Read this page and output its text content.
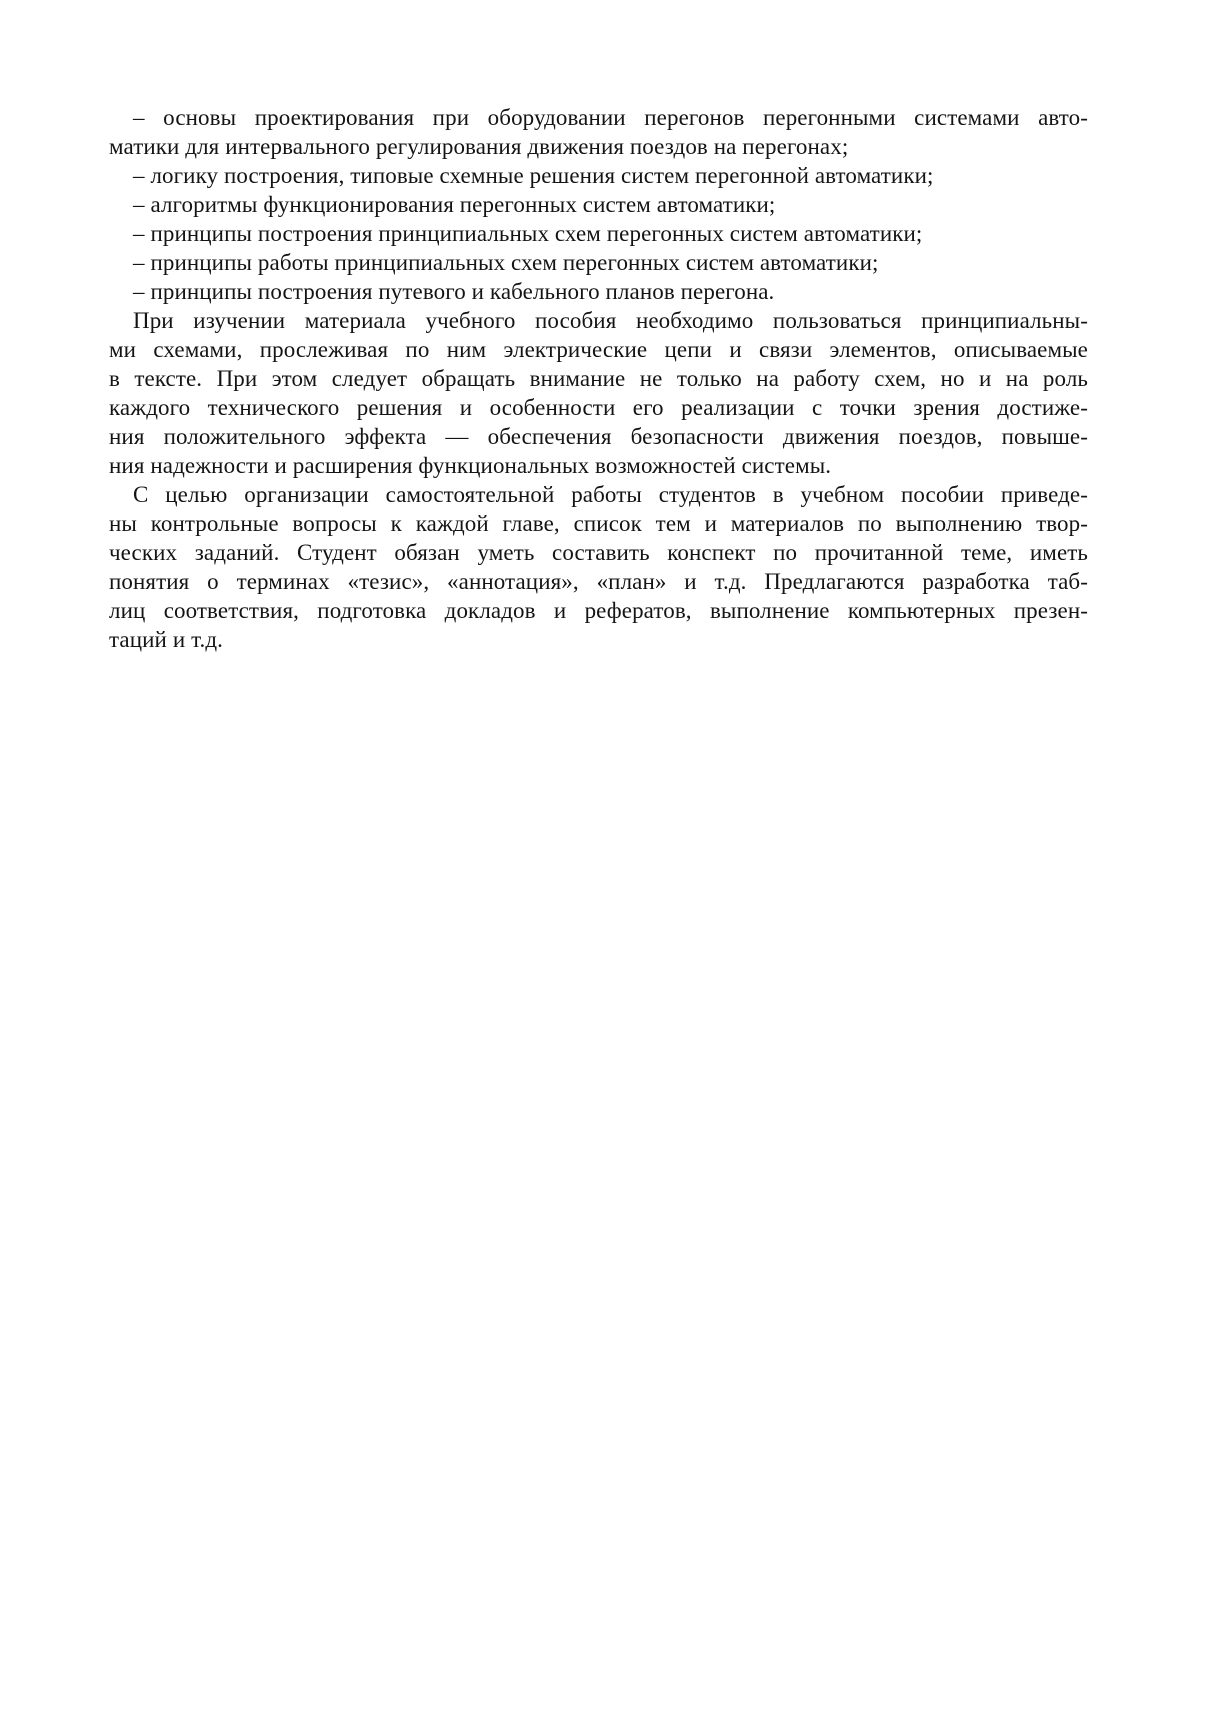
– основы проектирования при оборудовании перегонов перегонными системами авто-
матики для интервального регулирования движения поездов на перегонах;
– логику построения, типовые схемные решения систем перегонной автоматики;
– алгоритмы функционирования перегонных систем автоматики;
– принципы построения принципиальных схем перегонных систем автоматики;
– принципы работы принципиальных схем перегонных систем автоматики;
– принципы построения путевого и кабельного планов перегона.
При изучении материала учебного пособия необходимо пользоваться принципиальны-
ми схемами, прослеживая по ним электрические цепи и связи элементов, описываемые
в тексте. При этом следует обращать внимание не только на работу схем, но и на роль
каждого технического решения и особенности его реализации с точки зрения достиже-
ния положительного эффекта — обеспечения безопасности движения поездов, повыше-
ния надежности и расширения функциональных возможностей системы.
С целью организации самостоятельной работы студентов в учебном пособии приведе-
ны контрольные вопросы к каждой главе, список тем и материалов по выполнению твор-
ческих заданий. Студент обязан уметь составить конспект по прочитанной теме, иметь
понятия о терминах «тезис», «аннотация», «план» и т.д. Предлагаются разработка таб-
лиц соответствия, подготовка докладов и рефератов, выполнение компьютерных презен-
таций и т.д.
